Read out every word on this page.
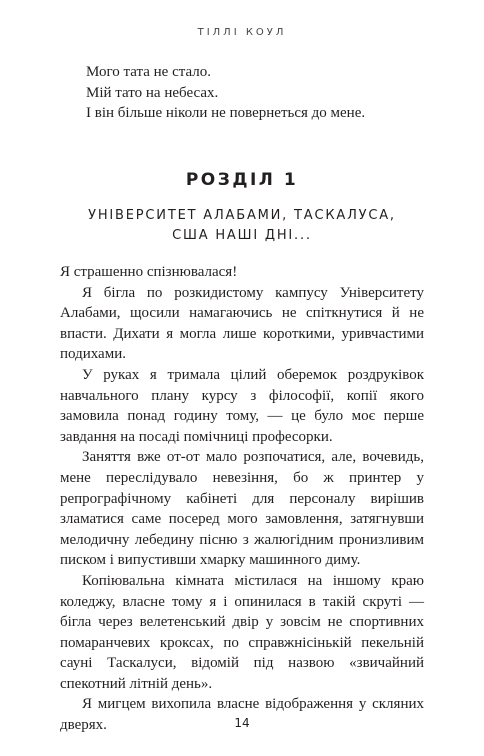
ТІЛЛІ КОУЛ
Мого тата не стало.
Мій тато на небесах.
І він більше ніколи не повернеться до мене.
РОЗДІЛ 1
УНІВЕРСИТЕТ АЛАБАМИ, ТАСКАЛУСА, США НАШІ ДНІ...

Я страшенно спізнювалася!

Я бігла по розкидистому кампусу Університету Алабами, щосили намагаючись не спіткнутися й не впасти. Дихати я могла лише короткими, уривчастими подихами.

У руках я тримала цілий оберемок роздруківок навчального плану курсу з філософії, копії якого замовила понад годину тому, — це було моє перше завдання на посаді помічниці професорки.

Заняття вже от-от мало розпочатися, але, вочевидь, мене переслідувало невезіння, бо ж принтер у репрографічному кабінеті для персоналу вирішив зламатися саме посеред мого замовлення, затягнувши мелодичну лебедину пісню з жалюгідним пронизливим писком і випустивши хмарку машинного диму.

Копіювальна кімната містилася на іншому краю коледжу, власне тому я і опинилася в такій скруті — бігла через велетенський двір у зовсім не спортивних помаранчевих кроксах, по справжнісінькій пекельній сауні Таскалуси, відомій під назвою «звичайний спекотний літній день».

Я мигцем вихопила власне відображення у скляних дверях.	14
